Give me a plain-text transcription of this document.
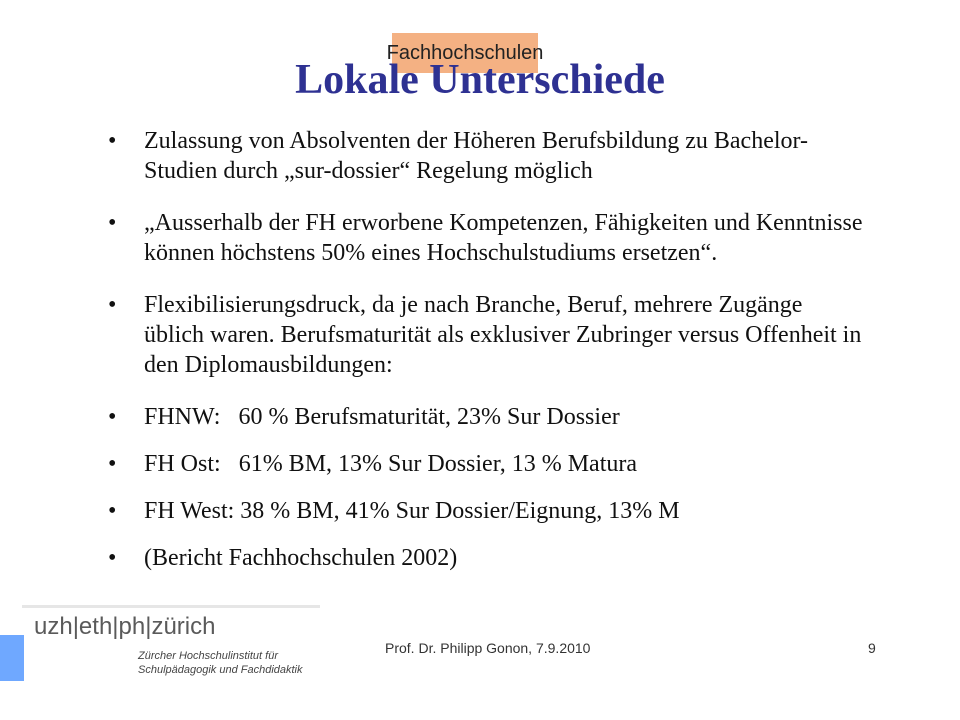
Fachhochschulen
Lokale Unterschiede
• Zulassung von Absolventen der Höheren Berufsbildung zu Bachelor-Studien durch „sur-dossier“ Regelung möglich
• „Ausserhalb der FH erworbene Kompetenzen, Fähigkeiten und Kenntnisse können höchstens 50% eines Hochschulstudiums ersetzen“.
• Flexibilisierungsdruck, da je nach Branche, Beruf, mehrere Zugänge üblich waren. Berufsmaturität als exklusiver Zubringer versus Offenheit in den Diplomausbildungen:
• FHNW:   60 % Berufsmaturität, 23% Sur Dossier
• FH Ost:   61% BM, 13% Sur Dossier, 13 % Matura
• FH West: 38 % BM, 41% Sur Dossier/Eignung, 13% M
• (Bericht Fachhochschulen 2002)
uzh|eth|ph|zürich
Zürcher Hochschulinstitut für
Schulpädagogik und Fachdidaktik
Prof. Dr. Philipp Gonon, 7.9.2010	9
